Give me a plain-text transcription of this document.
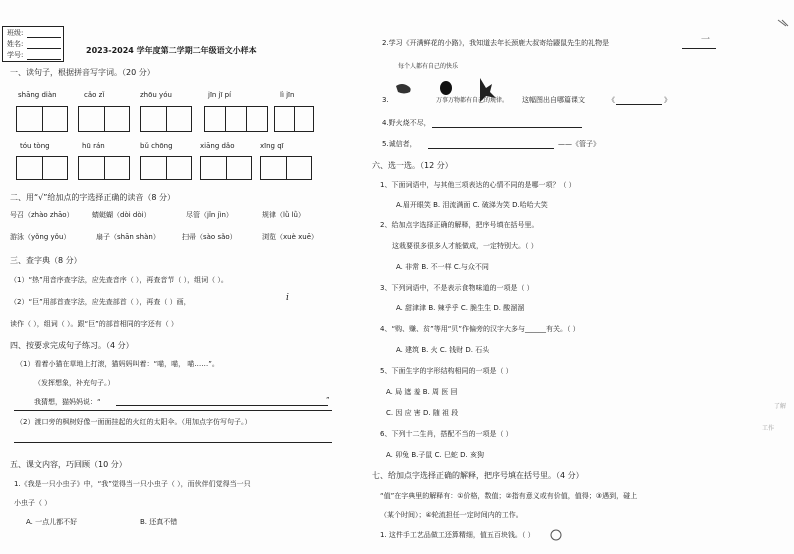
班级:
姓名:
学号:	2023-2024 学年度第二学期二年级语文小样本
一、读句子，根据拼音写字词。（20 分）
shāng diàn	cǎo zǐ	zhōu yóu	jīn jī pí	lì jīn
tóu tòng	hū rán	bǔ chōng	xiāng dǎo	xīng qī
二、用“√”给加点的字选择正确的读音（8 分）
号召（zhào zhāo）	蜻蜓蝴（dòi dòi）	尽管（jǐn jìn）	规律（lǜ lǜ）
游泳（yǒng yǒu）	扇子（shān shàn）	扫帚（sào sǎo）	浏览（xuè xuē）
三、查字典（8 分）
（1）“热”用音序查字法，应先查音序（ ），再查音节（ ），组词（ ）。
（2）“巨”用部首查字法，应先查部首（ ），再查（ ）画，	i
读作（ ），组词（ ）。跟“巨”的部首相同的字还有（ ）
四、按要求完成句子练习。（4 分）
（1）看着小猫在草地上打滚，猫妈妈叫着：“喵，喵， 喵……”。
（发挥想象，补充句子。）
我猜想，猫妈妈说：“	”
（2）渡口旁的枫树好像一面面挂起的火红的太阳伞。（用加点字仿写句子。）
五、课文内容，巧回顾（10 分）
1.《我是一只小虫子》中，“我”觉得当一只小虫子（ ），而伙伴们觉得当一只
小虫子（ ）
A. 一点儿都不好	B. 还真不错
2.学习《开满鲜花的小路》，我知道去年长颈鹿大叔寄给鼹鼠先生的礼物是	一
每个人都有自己的快乐
3.	万事万物都有自己的规律。 这幅图出自哪篇课文	《	》
4.野火烧不尽，
5.诚信者，	——《管子》
六、选一选。（12 分）
1、下面词语中，与其他三项表达的心情不同的是哪一项？（ ）
A.眉开眼笑 B. 泪流满面 C. 破涕为笑 D.哈哈大笑
2、给加点字选择正确的解释，把序号填在括号里。
这栽要很多很多人才能做成，一定特别大。（ ）
A. 非常 B. 不一样 C.与众不同
3、下列词语中，不是表示食物味道的一项是（ ）
A. 甜津津 B. 辣乎乎 C. 脆生生 D. 酸溜溜
4、“购、赚、贫”等用“贝”作偏旁的汉字大多与______有关。（ ）
A. 建筑 B. 火 C. 钱财 D. 石头
5、下面生字的字形结构相同的一项是（ ）
A. 局 遮 羞 B. 周 医 回
C. 因 应 害 D. 随 祖 段
6、下列十二生肖，搭配不当的一项是（ ）
A. 卯兔 B.子鼠 C. 巳蛇 D. 亥狗
七、给加点字选择正确的解释，把序号填在括号里。（4 分）
“值”在字典里的解释有：①价格，数值；②指有意义或有价值，值得；③遇到，碰上
（某个时间）；④轮流担任一定时间内的工作。
1. 这件手工艺品做工还算精细，值五百块钱。（ ）
了解
工作
